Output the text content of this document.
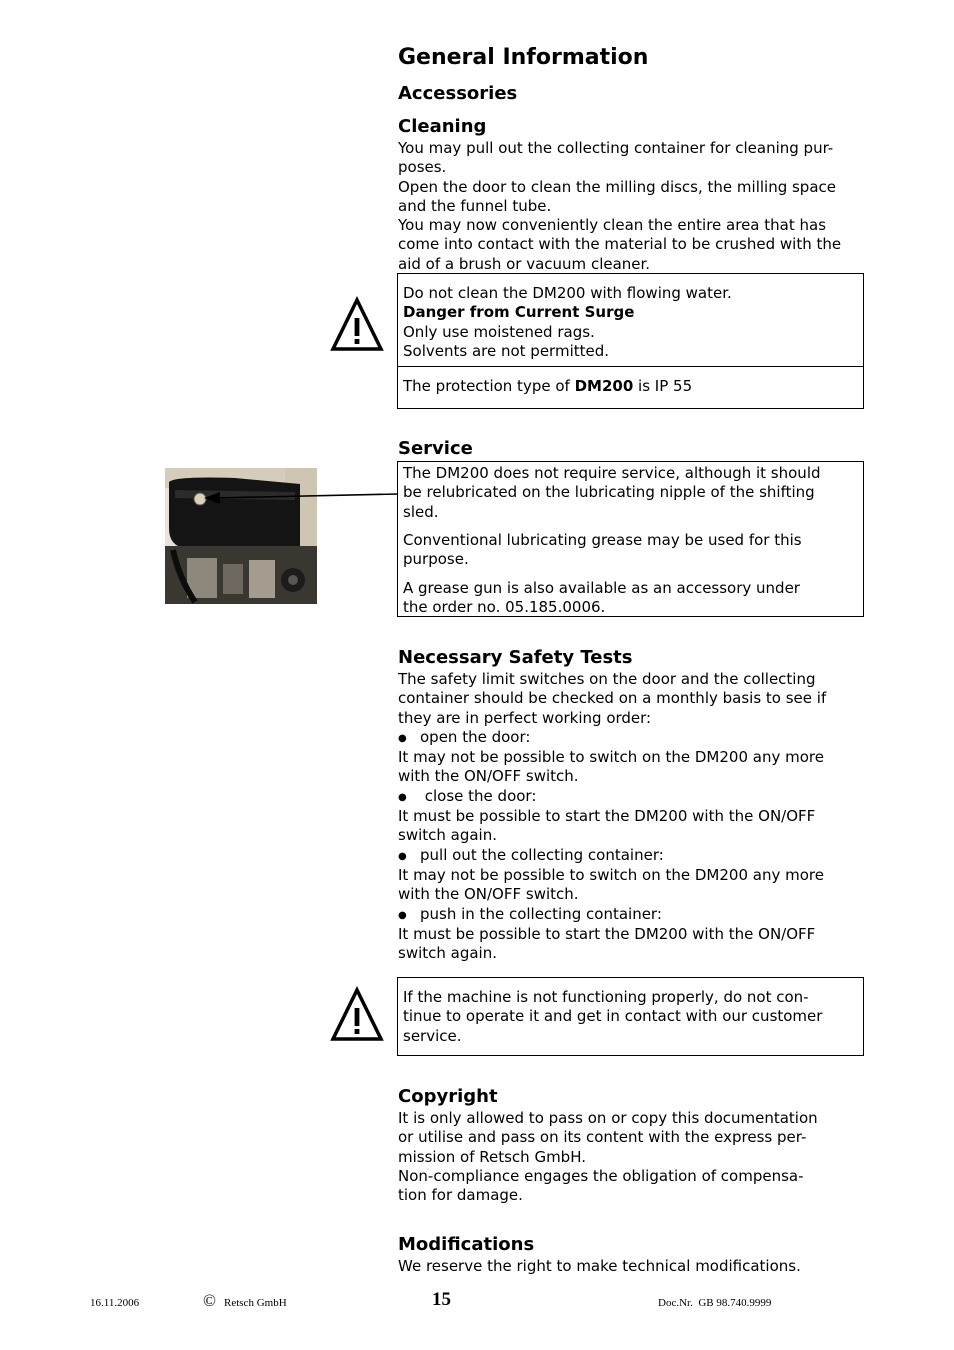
General Information
Accessories
Cleaning
You may pull out the collecting container for cleaning pur-
poses.
Open the door to clean the milling discs, the milling space
and the funnel tube.
You may now conveniently clean the entire area that has
come into contact with the material to be crushed with the
aid of a brush or vacuum cleaner.
Do not clean the DM200 with flowing water.
Danger from Current Surge
Only use moistened rags.
Solvents are not permitted.
The protection type of DM200 is IP 55
Service
The DM200 does not require service, although it should
be relubricated on the lubricating nipple of the shifting
sled.
Conventional lubricating grease may be used for this
purpose.
A grease gun is also available as an accessory under
the order no. 05.185.0006.
Necessary Safety Tests
The safety limit switches on the door and the collecting
container should be checked on a monthly basis to see if
they are in perfect working order:
● open the door:
It may not be possible to switch on the DM200 any more
with the ON/OFF switch.
● close the door:
It must be possible to start the DM200 with the ON/OFF
switch again.
● pull out the collecting container:
It may not be possible to switch on the DM200 any more
with the ON/OFF switch.
● push in the collecting container:
It must be possible to start the DM200 with the ON/OFF
switch again.
If the machine is not functioning properly, do not con-
tinue to operate it and get in contact with our customer
service.
Copyright
It is only allowed to pass on or copy this documentation
or utilise and pass on its content with the express per-
mission of Retsch GmbH.
Non-compliance engages the obligation of compensa-
tion for damage.
Modifications
We reserve the right to make technical modifications.
16.11.2006	© Retsch GmbH	15	Doc.Nr.  GB 98.740.9999
